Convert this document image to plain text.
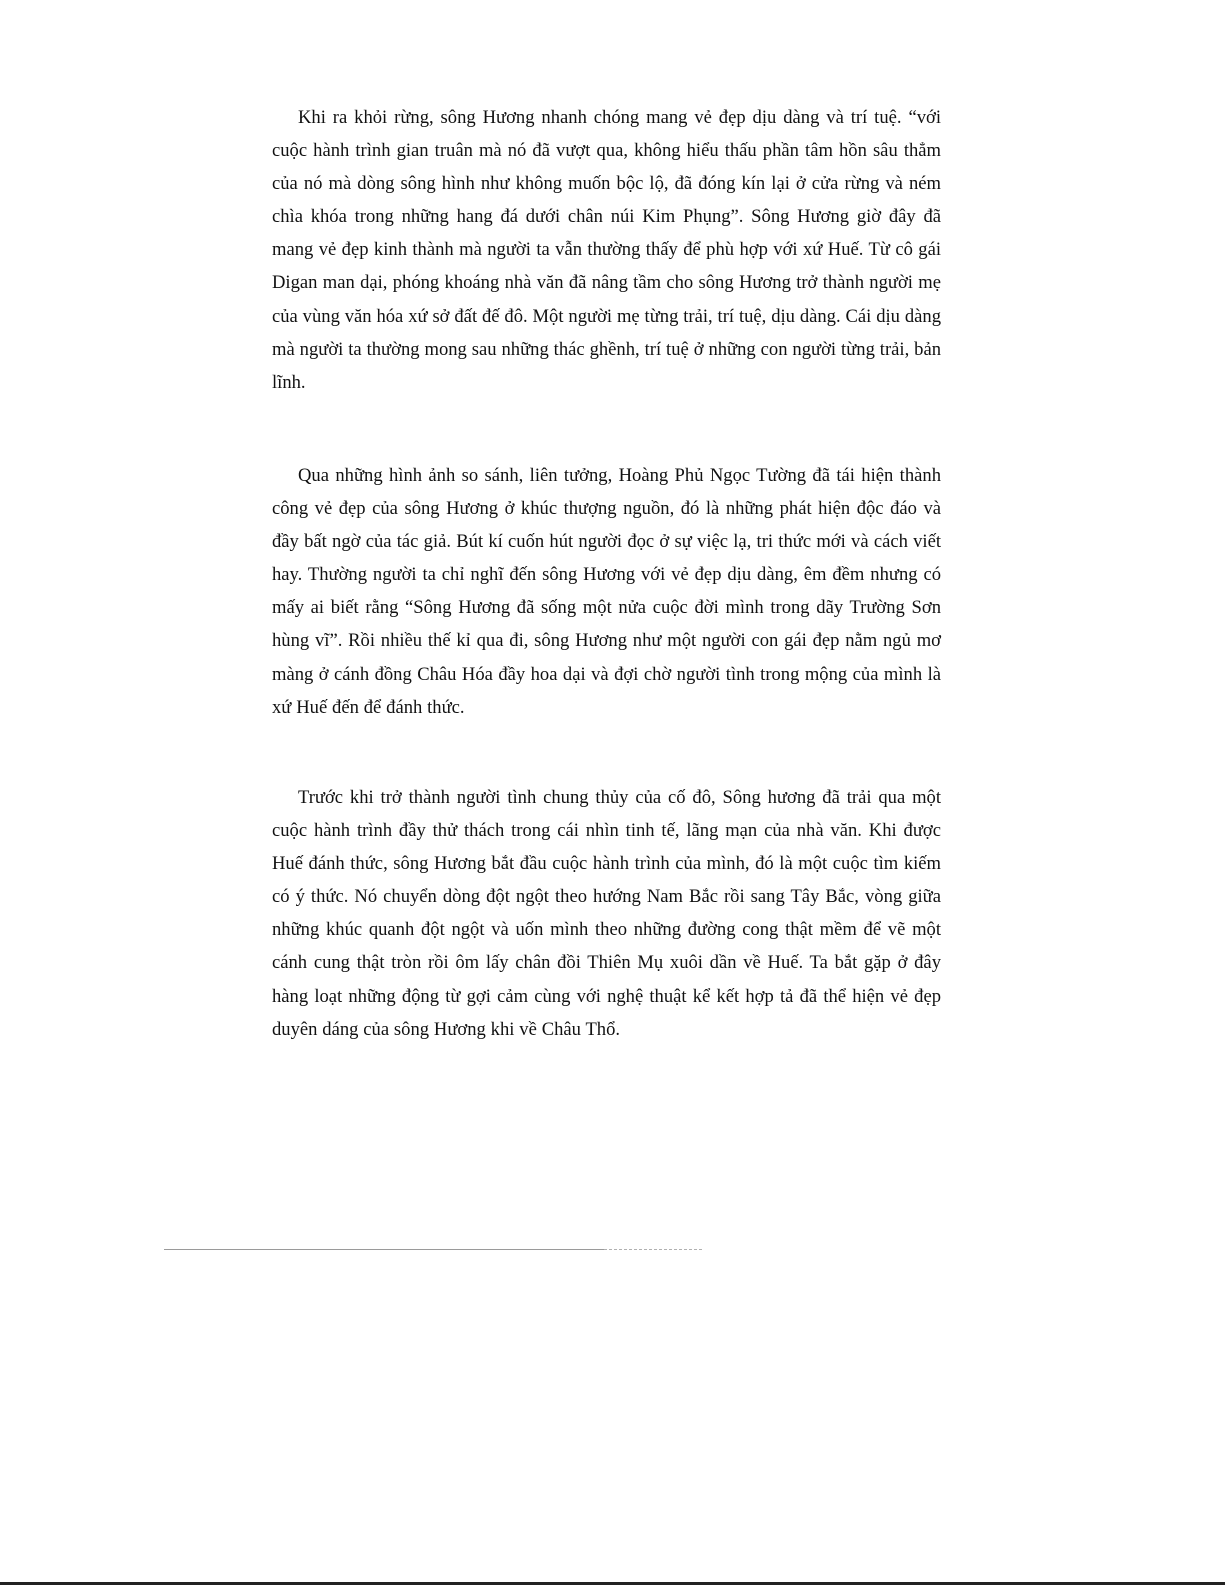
Khi ra khỏi rừng, sông Hương nhanh chóng mang vẻ đẹp dịu dàng và trí tuệ. “với cuộc hành trình gian truân mà nó đã vượt qua, không hiểu thấu phần tâm hồn sâu thẳm của nó mà dòng sông hình như không muốn bộc lộ, đã đóng kín lại ở cửa rừng và ném chìa khóa trong những hang đá dưới chân núi Kim Phụng”. Sông Hương giờ đây đã mang vẻ đẹp kinh thành mà người ta vẫn thường thấy để phù hợp với xứ Huế. Từ cô gái Digan man dại, phóng khoáng nhà văn đã nâng tầm cho sông Hương trở thành người mẹ của vùng văn hóa xứ sở đất đế đô. Một người mẹ từng trải, trí tuệ, dịu dàng. Cái dịu dàng mà người ta thường mong sau những thác ghềnh, trí tuệ ở những con người từng trải, bản lĩnh.

Qua những hình ảnh so sánh, liên tưởng, Hoàng Phủ Ngọc Tường đã tái hiện thành công vẻ đẹp của sông Hương ở khúc thượng nguồn, đó là những phát hiện độc đáo và đầy bất ngờ của tác giả. Bút kí cuốn hút người đọc ở sự việc lạ, tri thức mới và cách viết hay. Thường người ta chỉ nghĩ đến sông Hương với vẻ đẹp dịu dàng, êm đềm nhưng có mấy ai biết rằng “Sông Hương đã sống một nửa cuộc đời mình trong dãy Trường Sơn hùng vĩ”. Rồi nhiều thế kỉ qua đi, sông Hương như một người con gái đẹp nằm ngủ mơ màng ở cánh đồng Châu Hóa đầy hoa dại và đợi chờ người tình trong mộng của mình là xứ Huế đến để đánh thức.

Trước khi trở thành người tình chung thủy của cố đô, Sông hương đã trải qua một cuộc hành trình đầy thử thách trong cái nhìn tinh tế, lãng mạn của nhà văn. Khi được Huế đánh thức, sông Hương bắt đầu cuộc hành trình của mình, đó là một cuộc tìm kiếm có ý thức. Nó chuyển dòng đột ngột theo hướng Nam Bắc rồi sang Tây Bắc, vòng giữa những khúc quanh đột ngột và uốn mình theo những đường cong thật mềm để vẽ một cánh cung thật tròn rồi ôm lấy chân đồi Thiên Mụ xuôi dần về Huế. Ta bắt gặp ở đây hàng loạt những động từ gợi cảm cùng với nghệ thuật kể kết hợp tả đã thể hiện vẻ đẹp duyên dáng của sông Hương khi về Châu Thổ.
